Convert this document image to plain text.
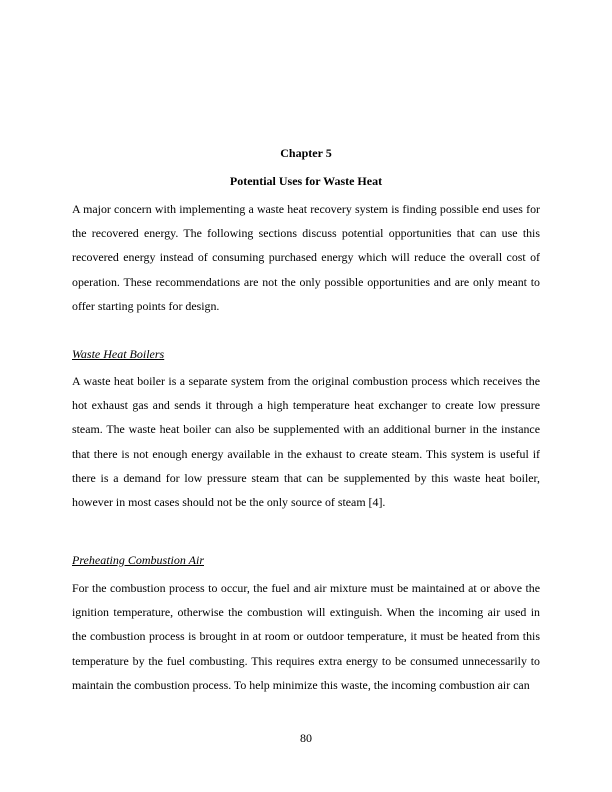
Chapter 5
Potential Uses for Waste Heat

A major concern with implementing a waste heat recovery system is finding possible end uses for the recovered energy. The following sections discuss potential opportunities that can use this recovered energy instead of consuming purchased energy which will reduce the overall cost of operation. These recommendations are not the only possible opportunities and are only meant to offer starting points for design.

Waste Heat Boilers

A waste heat boiler is a separate system from the original combustion process which receives the hot exhaust gas and sends it through a high temperature heat exchanger to create low pressure steam. The waste heat boiler can also be supplemented with an additional burner in the instance that there is not enough energy available in the exhaust to create steam. This system is useful if there is a demand for low pressure steam that can be supplemented by this waste heat boiler, however in most cases should not be the only source of steam [4].

Preheating Combustion Air

For the combustion process to occur, the fuel and air mixture must be maintained at or above the ignition temperature, otherwise the combustion will extinguish. When the incoming air used in the combustion process is brought in at room or outdoor temperature, it must be heated from this temperature by the fuel combusting. This requires extra energy to be consumed unnecessarily to maintain the combustion process. To help minimize this waste, the incoming combustion air can

80
